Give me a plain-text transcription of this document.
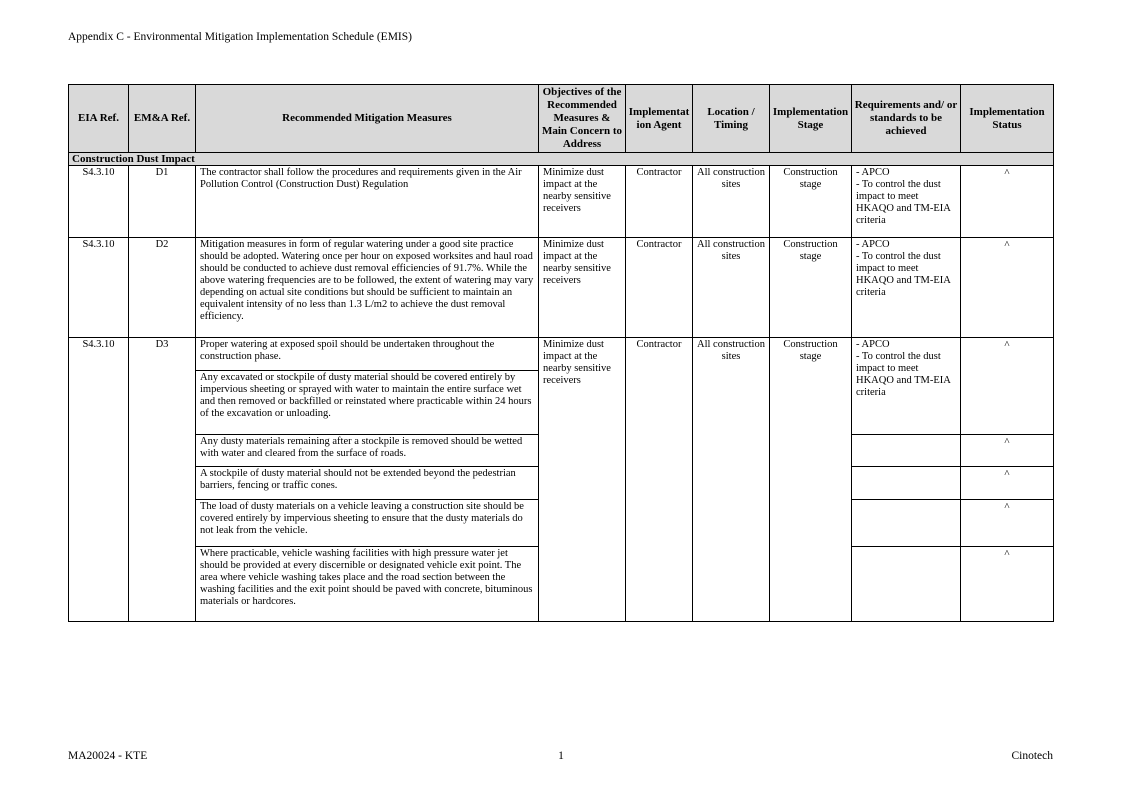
Appendix C - Environmental Mitigation Implementation Schedule (EMIS)
EIA Ref.	EM&A Ref.	Recommended Mitigation Measures	Objectives of the Recommended Measures & Main Concern to Address	Implementation Agent	Location / Timing	Implementation Stage	Requirements and/ or standards to be achieved	Implementation Status
Construction Dust Impact								
S4.3.10	D1	The contractor shall follow the procedures and requirements given in the Air Pollution Control (Construction Dust) Regulation	Minimize dust impact at the nearby sensitive receivers	Contractor	All construction sites	Construction stage	- APCO
- To control the dust impact to meet HKAQO and TM-EIA criteria	^
S4.3.10	D2	Mitigation measures in form of regular watering under a good site practice should be adopted. Watering once per hour on exposed worksites and haul road should be conducted to achieve dust removal efficiencies of 91.7%. While the above watering frequencies are to be followed, the extent of watering may vary depending on actual site conditions but should be sufficient to maintain an equivalent intensity of no less than 1.3 L/m2 to achieve the dust removal efficiency.	Minimize dust impact at the nearby sensitive receivers	Contractor	All construction sites	Construction stage	- APCO
- To control the dust impact to meet HKAQO and TM-EIA criteria	^
S4.3.10	D3	Proper watering at exposed spoil should be undertaken throughout the construction phase.	Minimize dust impact at the nearby sensitive receivers	Contractor	All construction sites	Construction stage	- APCO
- To control the dust impact to meet HKAQO and TM-EIA criteria	^
		Any excavated or stockpile of dusty material should be covered entirely by impervious sheeting or sprayed with water to maintain the entire surface wet and then removed or backfilled or reinstated where practicable within 24 hours of the excavation or unloading.						
		Any dusty materials remaining after a stockpile is removed should be wetted with water and cleared from the surface of roads.						^
		A stockpile of dusty material should not be extended beyond the pedestrian barriers, fencing or traffic cones.						^
		The load of dusty materials on a vehicle leaving a construction site should be covered entirely by impervious sheeting to ensure that the dusty materials do not leak from the vehicle.						^
		Where practicable, vehicle washing facilities with high pressure water jet should be provided at every discernible or designated vehicle exit point. The area where vehicle washing takes place and the road section between the washing facilities and the exit point should be paved with concrete, bituminous materials or hardcores.						^
MA20024 - KTE	1	Cinotech
